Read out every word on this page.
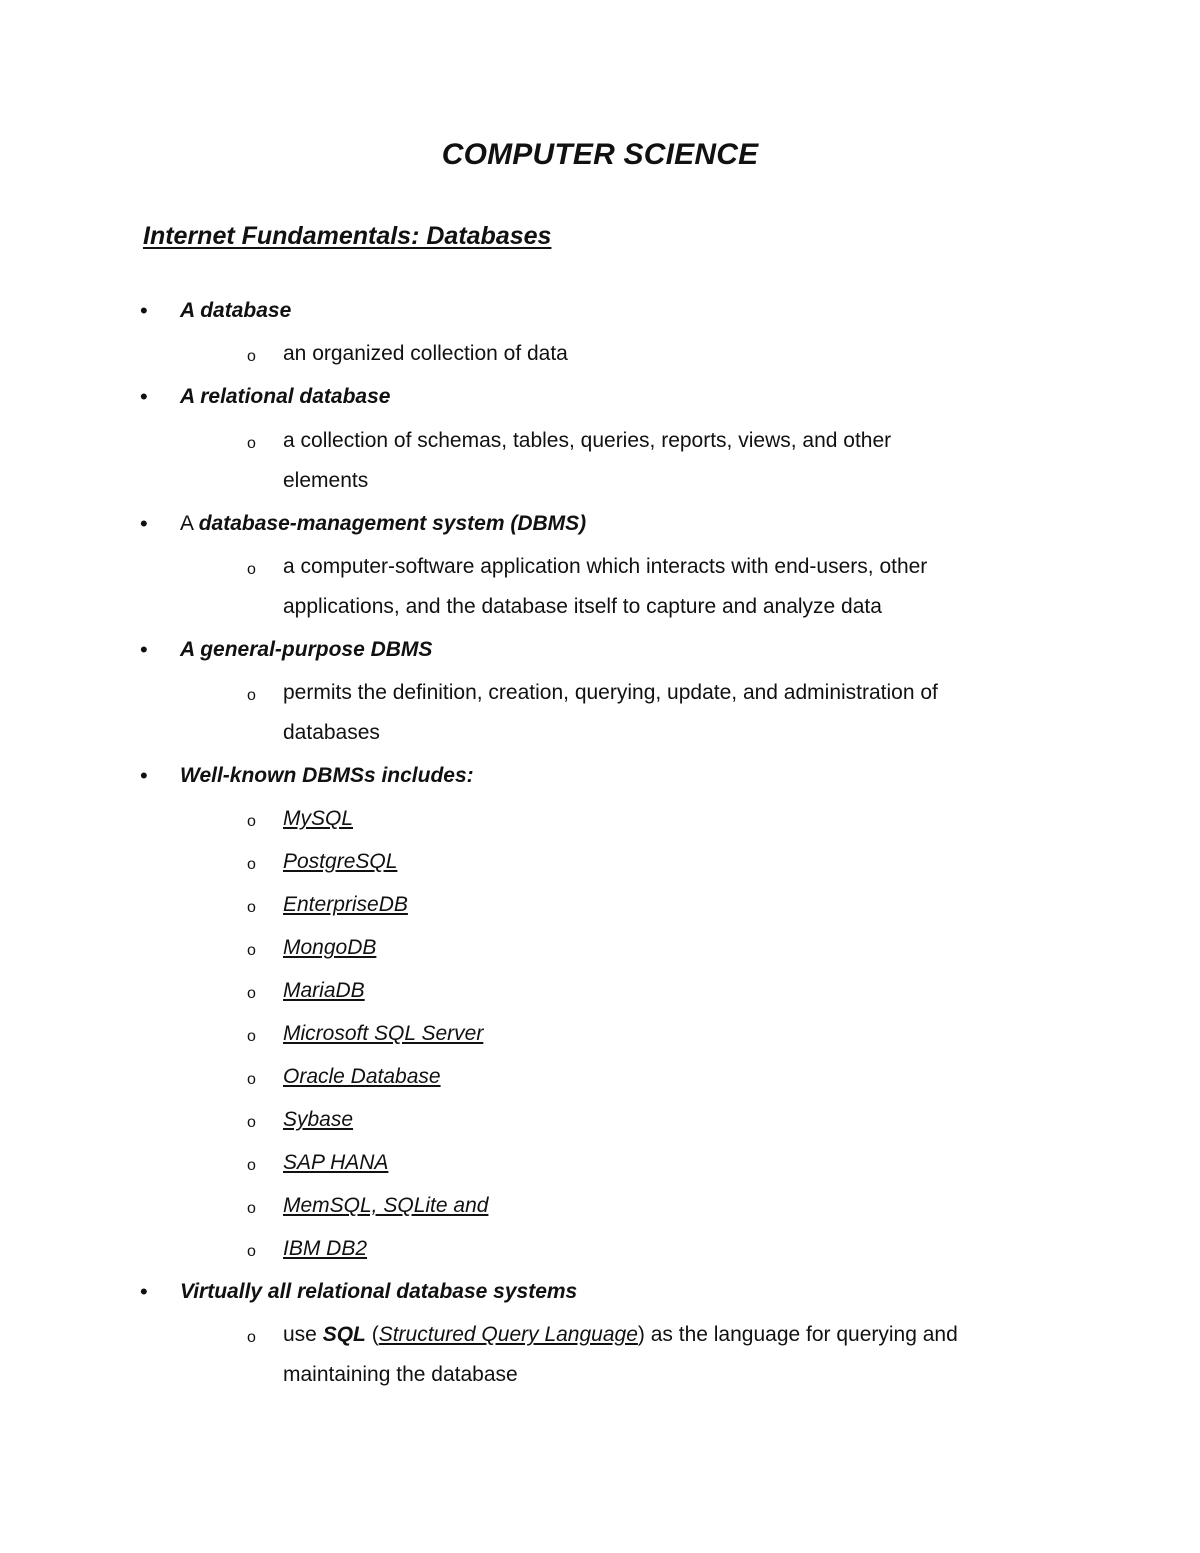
COMPUTER SCIENCE
Internet Fundamentals: Databases
• A database
o an organized collection of data
• A relational database
o a collection of schemas, tables, queries, reports, views, and other
elements
• A database-management system (DBMS)
o a computer-software application which interacts with end-users, other
applications, and the database itself to capture and analyze data
• A general-purpose DBMS
o permits the definition, creation, querying, update, and administration of
databases
• Well-known DBMSs includes:
o MySQL
o PostgreSQL
o EnterpriseDB
o MongoDB
o MariaDB
o Microsoft SQL Server
o Oracle Database
o Sybase
o SAP HANA
o MemSQL, SQLite and
o IBM DB2
• Virtually all relational database systems
o use SQL (Structured Query Language) as the language for querying and
maintaining the database
